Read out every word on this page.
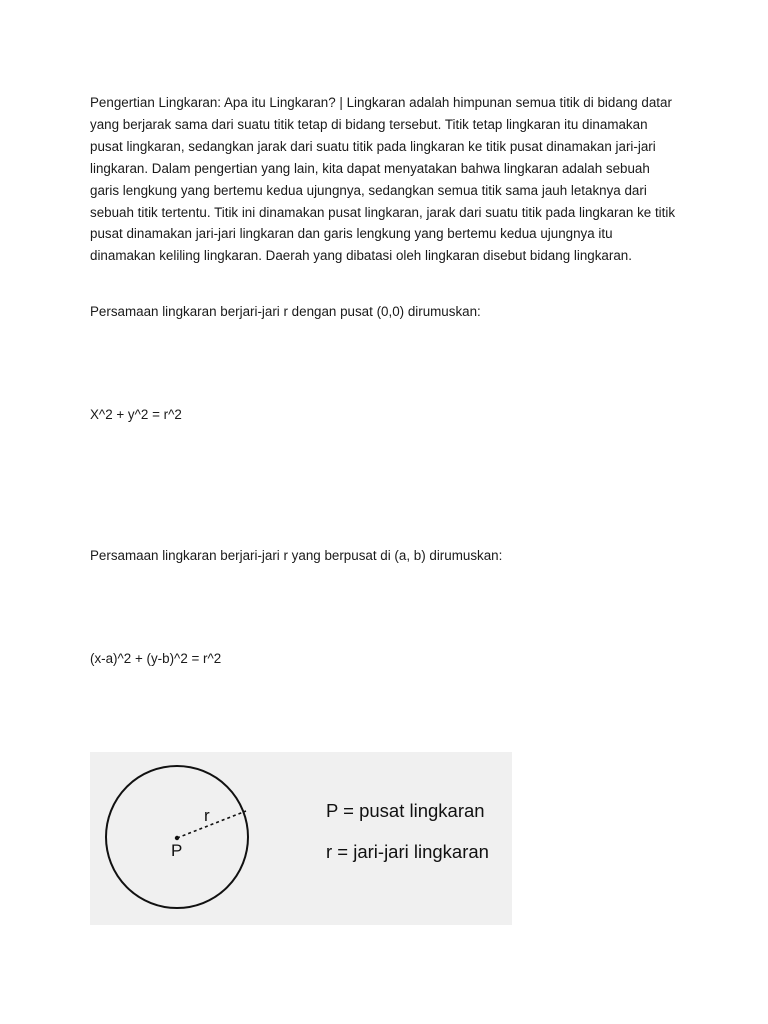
Pengertian Lingkaran: Apa itu Lingkaran? | Lingkaran adalah himpunan semua titik di bidang datar yang berjarak sama dari suatu titik tetap di bidang tersebut. Titik tetap lingkaran itu dinamakan pusat lingkaran, sedangkan jarak dari suatu titik pada lingkaran ke titik pusat dinamakan jari-jari lingkaran. Dalam pengertian yang lain, kita dapat menyatakan bahwa lingkaran adalah sebuah garis lengkung yang bertemu kedua ujungnya, sedangkan semua titik sama jauh letaknya dari sebuah titik tertentu. Titik ini dinamakan pusat lingkaran, jarak dari suatu titik pada lingkaran ke titik pusat dinamakan jari-jari lingkaran dan garis lengkung yang bertemu kedua ujungnya itu dinamakan keliling lingkaran. Daerah yang dibatasi oleh lingkaran disebut bidang lingkaran.
Persamaan lingkaran berjari-jari r dengan pusat (0,0) dirumuskan:
X^2 + y^2 = r^2
Persamaan lingkaran berjari-jari r yang berpusat di (a, b) dirumuskan:
(x-a)^2 + (y-b)^2 = r^2
r
P
P = pusat lingkaran
r = jari-jari lingkaran
